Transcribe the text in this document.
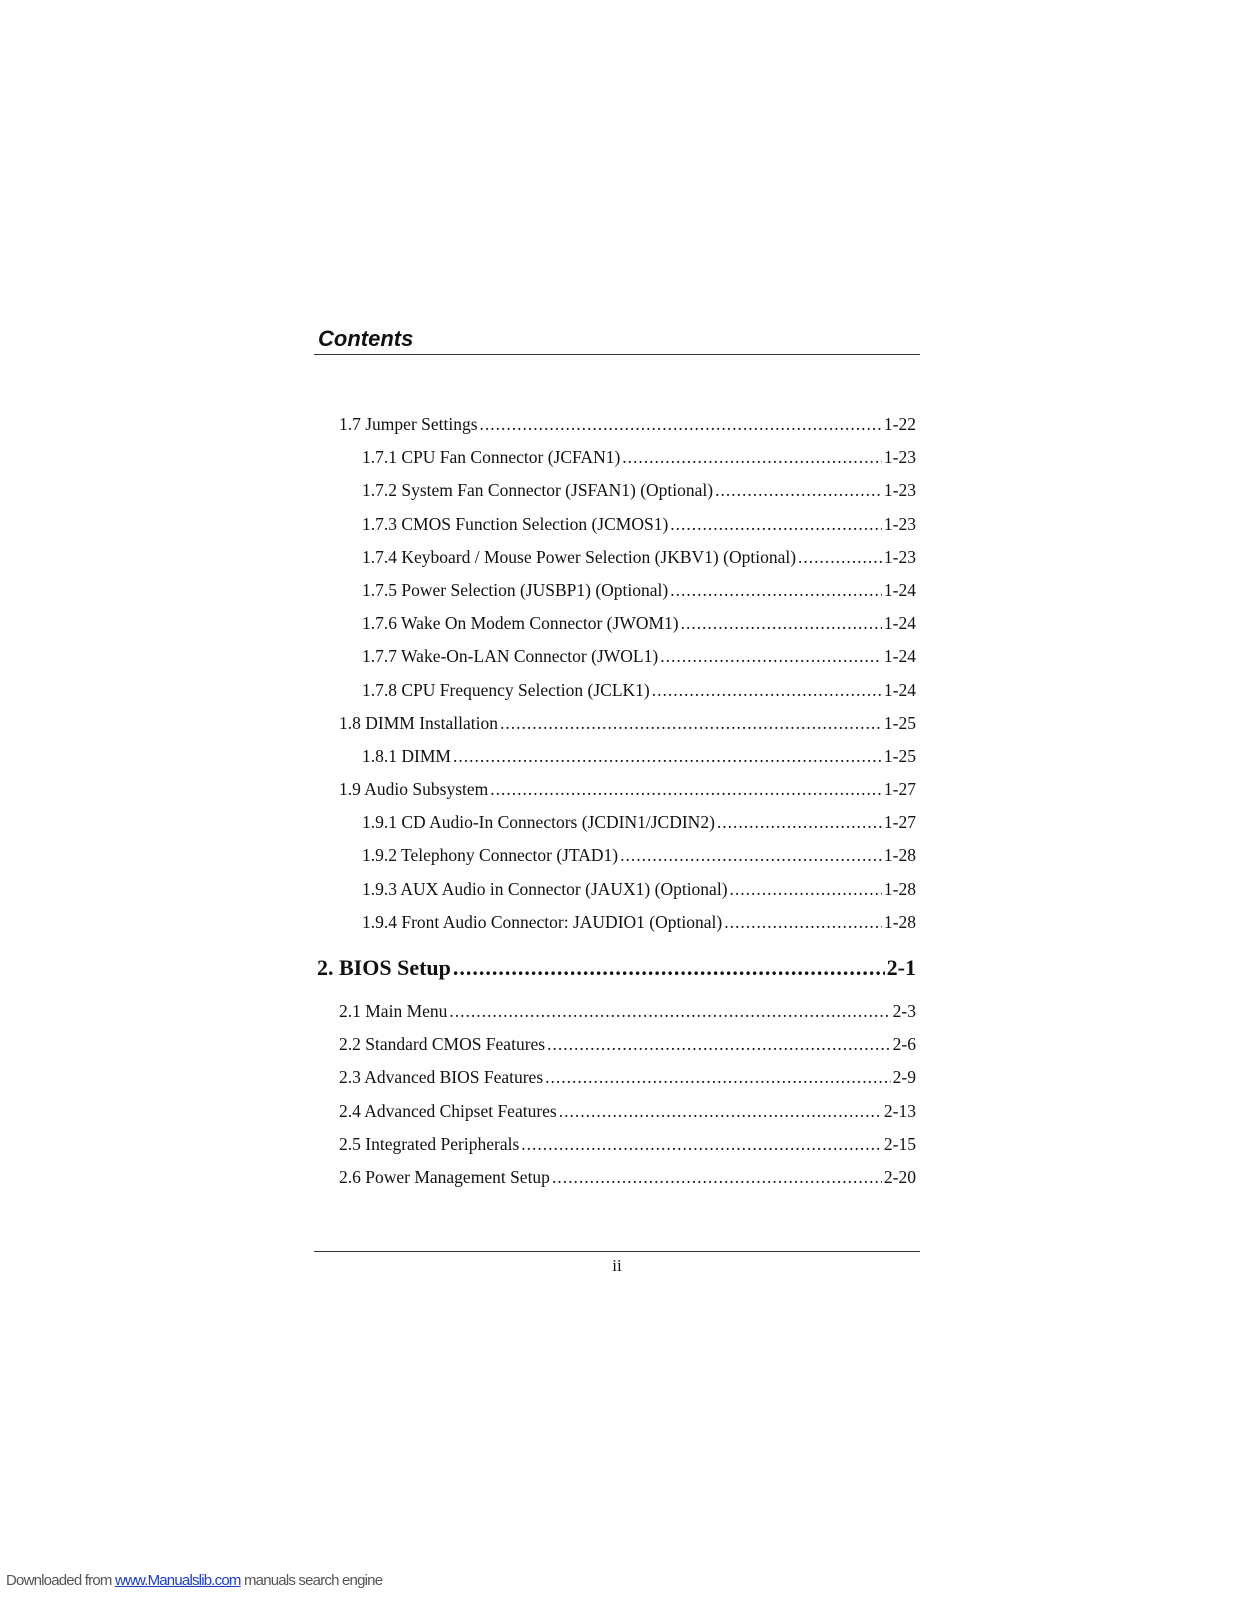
Contents
1.7 Jumper Settings .....	1-22
1.7.1 CPU Fan Connector (JCFAN1) .....	1-23
1.7.2 System Fan Connector (JSFAN1) (Optional) .....	1-23
1.7.3 CMOS Function Selection (JCMOS1) .....	1-23
1.7.4 Keyboard / Mouse Power Selection (JKBV1) (Optional) .....	1-23
1.7.5 Power Selection (JUSBP1) (Optional) .....	1-24
1.7.6 Wake On Modem Connector (JWOM1) .....	1-24
1.7.7 Wake-On-LAN Connector (JWOL1) .....	1-24
1.7.8 CPU Frequency Selection (JCLK1) .....	1-24
1.8 DIMM Installation .....	1-25
1.8.1 DIMM .....	1-25
1.9 Audio Subsystem .....	1-27
1.9.1 CD Audio-In Connectors (JCDIN1/JCDIN2) .....	1-27
1.9.2 Telephony Connector (JTAD1) .....	1-28
1.9.3 AUX Audio in Connector (JAUX1) (Optional) .....	1-28
1.9.4 Front Audio Connector: JAUDIO1 (Optional) .....	1-28
2. BIOS Setup .....	2-1
2.1 Main Menu .....	2-3
2.2 Standard CMOS Features .....	2-6
2.3 Advanced BIOS Features .....	2-9
2.4 Advanced Chipset Features .....	2-13
2.5 Integrated Peripherals .....	2-15
2.6 Power Management Setup .....	2-20
ii
Downloaded from www.Manualslib.com manuals search engine
